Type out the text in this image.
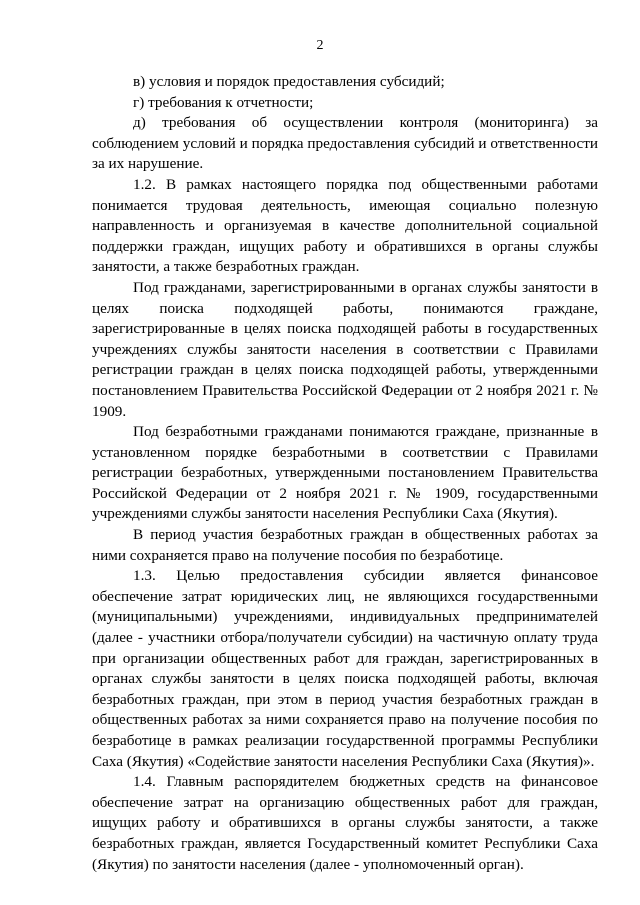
2

в) условия и порядок предоставления субсидий;

г) требования к отчетности;

д) требования об осуществлении контроля (мониторинга) за соблюдением условий и порядка предоставления субсидий и ответственности за их нарушение.

1.2. В рамках настоящего порядка под общественными работами понимается трудовая деятельность, имеющая социально полезную направленность и организуемая в качестве дополнительной социальной поддержки граждан, ищущих работу и обратившихся в органы службы занятости, а также безработных граждан.

Под гражданами, зарегистрированными в органах службы занятости в целях поиска подходящей работы, понимаются граждане, зарегистрированные в целях поиска подходящей работы в государственных учреждениях службы занятости населения в соответствии с Правилами регистрации граждан в целях поиска подходящей работы, утвержденными постановлением Правительства Российской Федерации от 2 ноября 2021 г. № 1909.

Под безработными гражданами понимаются граждане, признанные в установленном порядке безработными в соответствии с Правилами регистрации безработных, утвержденными постановлением Правительства Российской Федерации от 2 ноября 2021 г. № 1909, государственными учреждениями службы занятости населения Республики Саха (Якутия).

В период участия безработных граждан в общественных работах за ними сохраняется право на получение пособия по безработице.

1.3. Целью предоставления субсидии является финансовое обеспечение затрат юридических лиц, не являющихся государственными (муниципальными) учреждениями, индивидуальных предпринимателей (далее - участники отбора/получатели субсидии) на частичную оплату труда при организации общественных работ для граждан, зарегистрированных в органах службы занятости в целях поиска подходящей работы, включая безработных граждан, при этом в период участия безработных граждан в общественных работах за ними сохраняется право на получение пособия по безработице в рамках реализации государственной программы Республики Саха (Якутия) «Содействие занятости населения Республики Саха (Якутия)».

1.4. Главным распорядителем бюджетных средств на финансовое обеспечение затрат на организацию общественных работ для граждан, ищущих работу и обратившихся в органы службы занятости, а также безработных граждан, является Государственный комитет Республики Саха (Якутия) по занятости населения (далее - уполномоченный орган).
